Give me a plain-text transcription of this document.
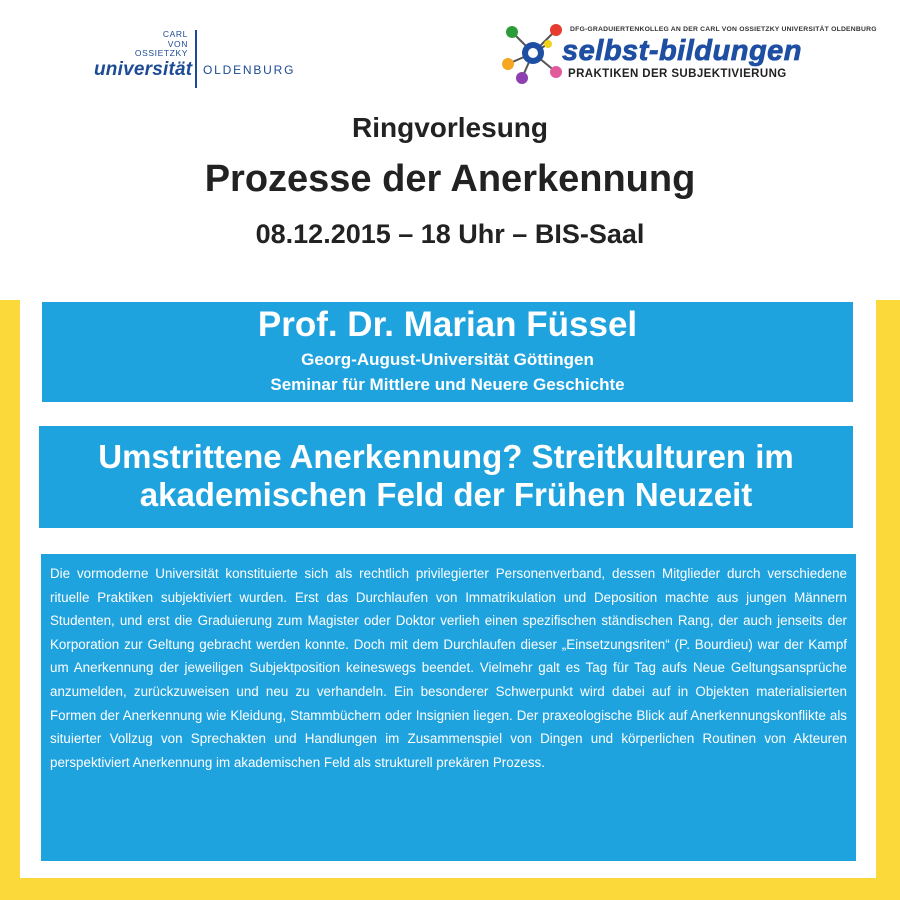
CARL
VON
OSSIETZKY
universität OLDENBURG
DFG-GRADUIERTENKOLLEG AN DER CARL VON OSSIETZKY UNIVERSITÄT OLDENBURG
selbst-bildungen
PRAKTIKEN DER SUBJEKTIVIERUNG
Ringvorlesung
Prozesse der Anerkennung
08.12.2015 – 18 Uhr – BIS-Saal
Prof. Dr. Marian Füssel
Georg-August-Universität Göttingen
Seminar für Mittlere und Neuere Geschichte
Umstrittene Anerkennung? Streitkulturen im
akademischen Feld der Frühen Neuzeit

Die vormoderne Universität konstituierte sich als rechtlich privilegierter Personenverband, dessen Mitglieder durch verschiedene rituelle Praktiken subjektiviert wurden. Erst das Durchlaufen von Immatrikulation und Deposition machte aus jungen Männern Studenten, und erst die Graduierung zum Magister oder Doktor verlieh einen spezifischen ständischen Rang, der auch jenseits der Korporation zur Geltung gebracht werden konnte. Doch mit dem Durchlaufen dieser „Einsetzungsriten“ (P. Bourdieu) war der Kampf um Anerkennung der jeweiligen Subjektposition keineswegs beendet. Vielmehr galt es Tag für Tag aufs Neue Geltungsansprüche anzumelden, zurückzuweisen und neu zu verhandeln. Ein besonderer Schwerpunkt wird dabei auf in Objekten materialisierten Formen der Anerkennung wie Kleidung, Stammbüchern oder Insignien liegen. Der praxeologische Blick auf Anerkennungskonflikte als situierter Vollzug von Sprechakten und Handlungen im Zusammenspiel von Dingen und körperlichen Routinen von Akteuren perspektiviert Anerkennung im akademischen Feld als strukturell prekären Prozess.
